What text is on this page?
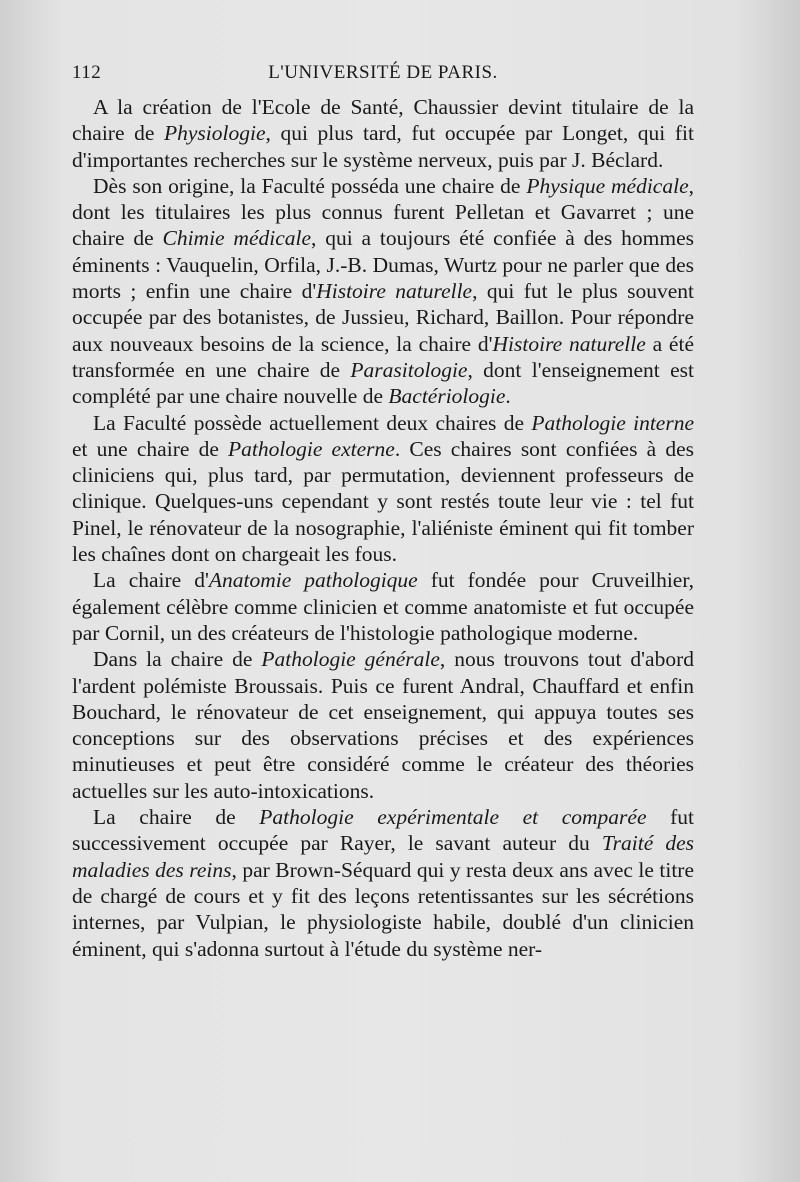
112	L'UNIVERSITÉ DE PARIS.

A la création de l'Ecole de Santé, Chaussier devint titulaire de la chaire de Physiologie, qui plus tard, fut occupée par Longet, qui fit d'importantes recherches sur le système nerveux, puis par J. Béclard.

Dès son origine, la Faculté posséda une chaire de Physique médicale, dont les titulaires les plus connus furent Pelletan et Gavarret ; une chaire de Chimie médicale, qui a toujours été confiée à des hommes éminents : Vauquelin, Orfila, J.-B. Dumas, Wurtz pour ne parler que des morts ; enfin une chaire d'Histoire naturelle, qui fut le plus souvent occupée par des botanistes, de Jussieu, Richard, Baillon. Pour répondre aux nouveaux besoins de la science, la chaire d'Histoire naturelle a été transformée en une chaire de Parasitologie, dont l'enseignement est complété par une chaire nouvelle de Bactériologie.

La Faculté possède actuellement deux chaires de Pathologie interne et une chaire de Pathologie externe. Ces chaires sont confiées à des cliniciens qui, plus tard, par permutation, deviennent professeurs de clinique. Quelques-uns cependant y sont restés toute leur vie : tel fut Pinel, le rénovateur de la nosographie, l'aliéniste éminent qui fit tomber les chaînes dont on chargeait les fous.

La chaire d'Anatomie pathologique fut fondée pour Cruveilhier, également célèbre comme clinicien et comme anatomiste et fut occupée par Cornil, un des créateurs de l'histologie pathologique moderne.

Dans la chaire de Pathologie générale, nous trouvons tout d'abord l'ardent polémiste Broussais. Puis ce furent Andral, Chauffard et enfin Bouchard, le rénovateur de cet enseignement, qui appuya toutes ses conceptions sur des observations précises et des expériences minutieuses et peut être considéré comme le créateur des théories actuelles sur les auto-intoxications.

La chaire de Pathologie expérimentale et comparée fut successivement occupée par Rayer, le savant auteur du Traité des maladies des reins, par Brown-Séquard qui y resta deux ans avec le titre de chargé de cours et y fit des leçons retentissantes sur les sécrétions internes, par Vulpian, le physiologiste habile, doublé d'un clinicien éminent, qui s'adonna surtout à l'étude du système ner-
